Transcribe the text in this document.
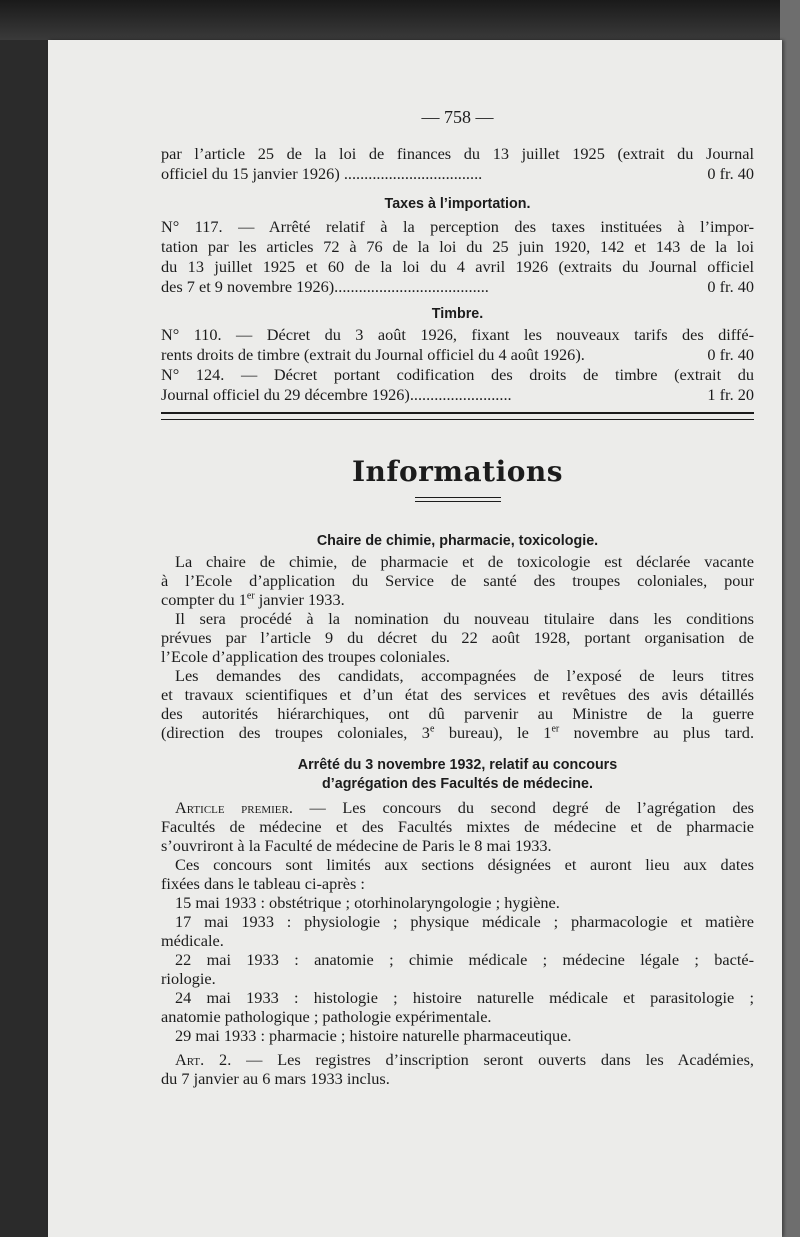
— 758 —
par l’article 25 de la loi de finances du 13 juillet 1925 (extrait du Journal
0 fr. 40
officiel du 15 janvier 1926) ..................................
Taxes à l’importation.
N° 117. — Arrêté relatif à la perception des taxes instituées à l’impor-
tation par les articles 72 à 76 de la loi du 25 juin 1920, 142 et 143 de la loi
du 13 juillet 1925 et 60 de la loi du 4 avril 1926 (extraits du Journal officiel
0 fr. 40
des 7 et 9 novembre 1926)......................................
Timbre.
N° 110. — Décret du 3 août 1926, fixant les nouveaux tarifs des diffé-
0 fr. 40
rents droits de timbre (extrait du Journal officiel du 4 août 1926).
N° 124. — Décret portant codification des droits de timbre (extrait du
1 fr. 20
Journal officiel du 29 décembre 1926).........................
Informations
Chaire de chimie, pharmacie, toxicologie.
La chaire de chimie, de pharmacie et de toxicologie est déclarée vacante
à l’Ecole d’application du Service de santé des troupes coloniales, pour
compter du 1er janvier 1933.
Il sera procédé à la nomination du nouveau titulaire dans les conditions
prévues par l’article 9 du décret du 22 août 1928, portant organisation de
l’Ecole d’application des troupes coloniales.
Les demandes des candidats, accompagnées de l’exposé de leurs titres
et travaux scientifiques et d’un état des services et revêtues des avis détaillés
des autorités hiérarchiques, ont dû parvenir au Ministre de la guerre
(direction des troupes coloniales, 3e bureau), le 1er novembre au plus tard.
Arrêté du 3 novembre 1932, relatif au concours
d’agrégation des Facultés de médecine.
Article premier. — Les concours du second degré de l’agrégation des
Facultés de médecine et des Facultés mixtes de médecine et de pharmacie
s’ouvriront à la Faculté de médecine de Paris le 8 mai 1933.
Ces concours sont limités aux sections désignées et auront lieu aux dates
fixées dans le tableau ci-après :
15 mai 1933 : obstétrique ; otorhinolaryngologie ; hygiène.
17 mai 1933 : physiologie ; physique médicale ; pharmacologie et matière
médicale.
22 mai 1933 : anatomie ; chimie médicale ; médecine légale ; bacté-
riologie.
24 mai 1933 : histologie ; histoire naturelle médicale et parasitologie ;
anatomie pathologique ; pathologie expérimentale.
29 mai 1933 : pharmacie ; histoire naturelle pharmaceutique.
Art. 2. — Les registres d’inscription seront ouverts dans les Académies,
du 7 janvier au 6 mars 1933 inclus.
